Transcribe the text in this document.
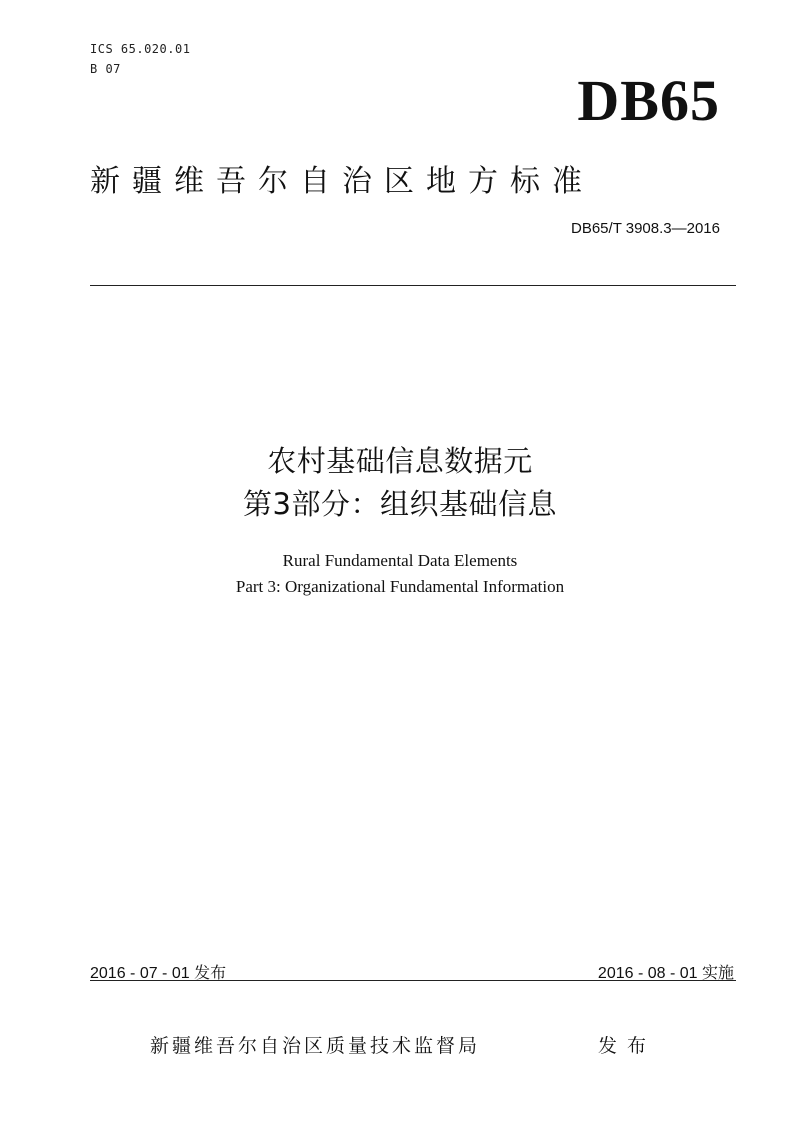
ICS 65.020.01
B 07	DB65
新疆维吾尔自治区地方标准
DB65/T 3908.3—2016
农村基础信息数据元
第3部分：组织基础信息
Rural Fundamental Data Elements
Part 3: Organizational Fundamental Information
2016 - 07 - 01 发布	2016 - 08 - 01 实施
新疆维吾尔自治区质量技术监督局	发布
